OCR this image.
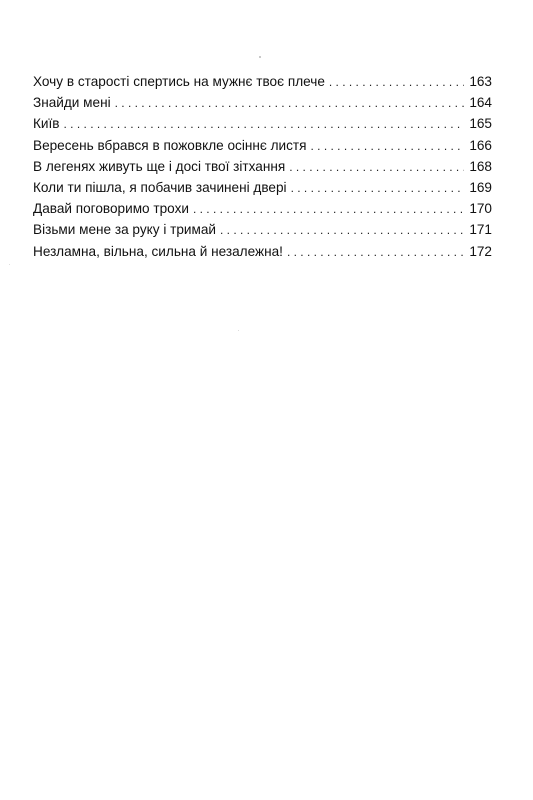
Хочу в старості спертись на мужнє твоє плече . . .	163
Знайди мені . . .	164
Київ . . .	165
Вересень вбрався в пожовкле осіннє листя . . .	166
В легенях живуть ще і досі твої зітхання . . .	168
Коли ти пішла, я побачив зачинені двері . . .	169
Давай поговоримо трохи . . .	170
Візьми мене за руку і тримай . . .	171
Незламна, вільна, сильна й незалежна! . . .	172
